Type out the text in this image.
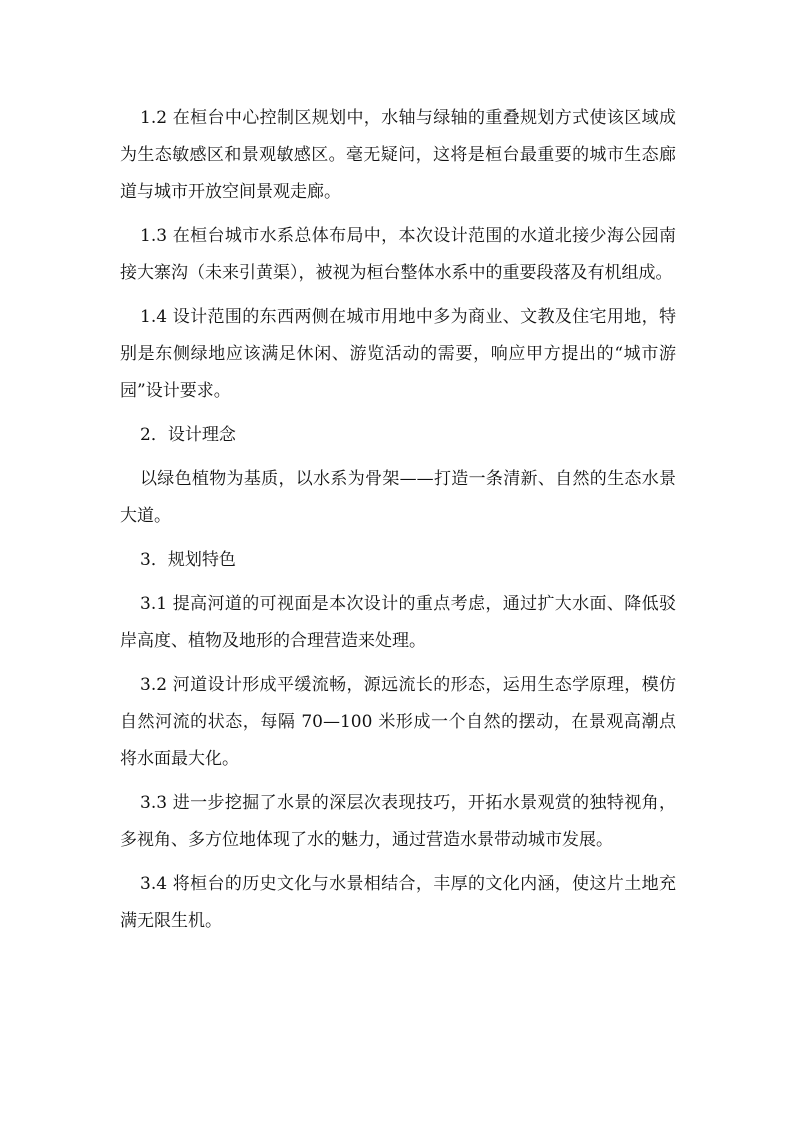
1.2 在桓台中心控制区规划中，水轴与绿轴的重叠规划方式使该区域成为生态敏感区和景观敏感区。毫无疑问，这将是桓台最重要的城市生态廊道与城市开放空间景观走廊。

1.3 在桓台城市水系总体布局中，本次设计范围的水道北接少海公园南接大寨沟（未来引黄渠），被视为桓台整体水系中的重要段落及有机组成。

1.4 设计范围的东西两侧在城市用地中多为商业、文教及住宅用地，特别是东侧绿地应该满足休闲、游览活动的需要，响应甲方提出的“城市游园”设计要求。

2．设计理念

以绿色植物为基质，以水系为骨架——打造一条清新、自然的生态水景大道。

3．规划特色

3.1 提高河道的可视面是本次设计的重点考虑，通过扩大水面、降低驳岸高度、植物及地形的合理营造来处理。

3.2 河道设计形成平缓流畅，源远流长的形态，运用生态学原理，模仿自然河流的状态，每隔 70—100 米形成一个自然的摆动，在景观高潮点将水面最大化。

3.3 进一步挖掘了水景的深层次表现技巧，开拓水景观赏的独特视角，多视角、多方位地体现了水的魅力，通过营造水景带动城市发展。

3.4 将桓台的历史文化与水景相结合，丰厚的文化内涵，使这片土地充满无限生机。
